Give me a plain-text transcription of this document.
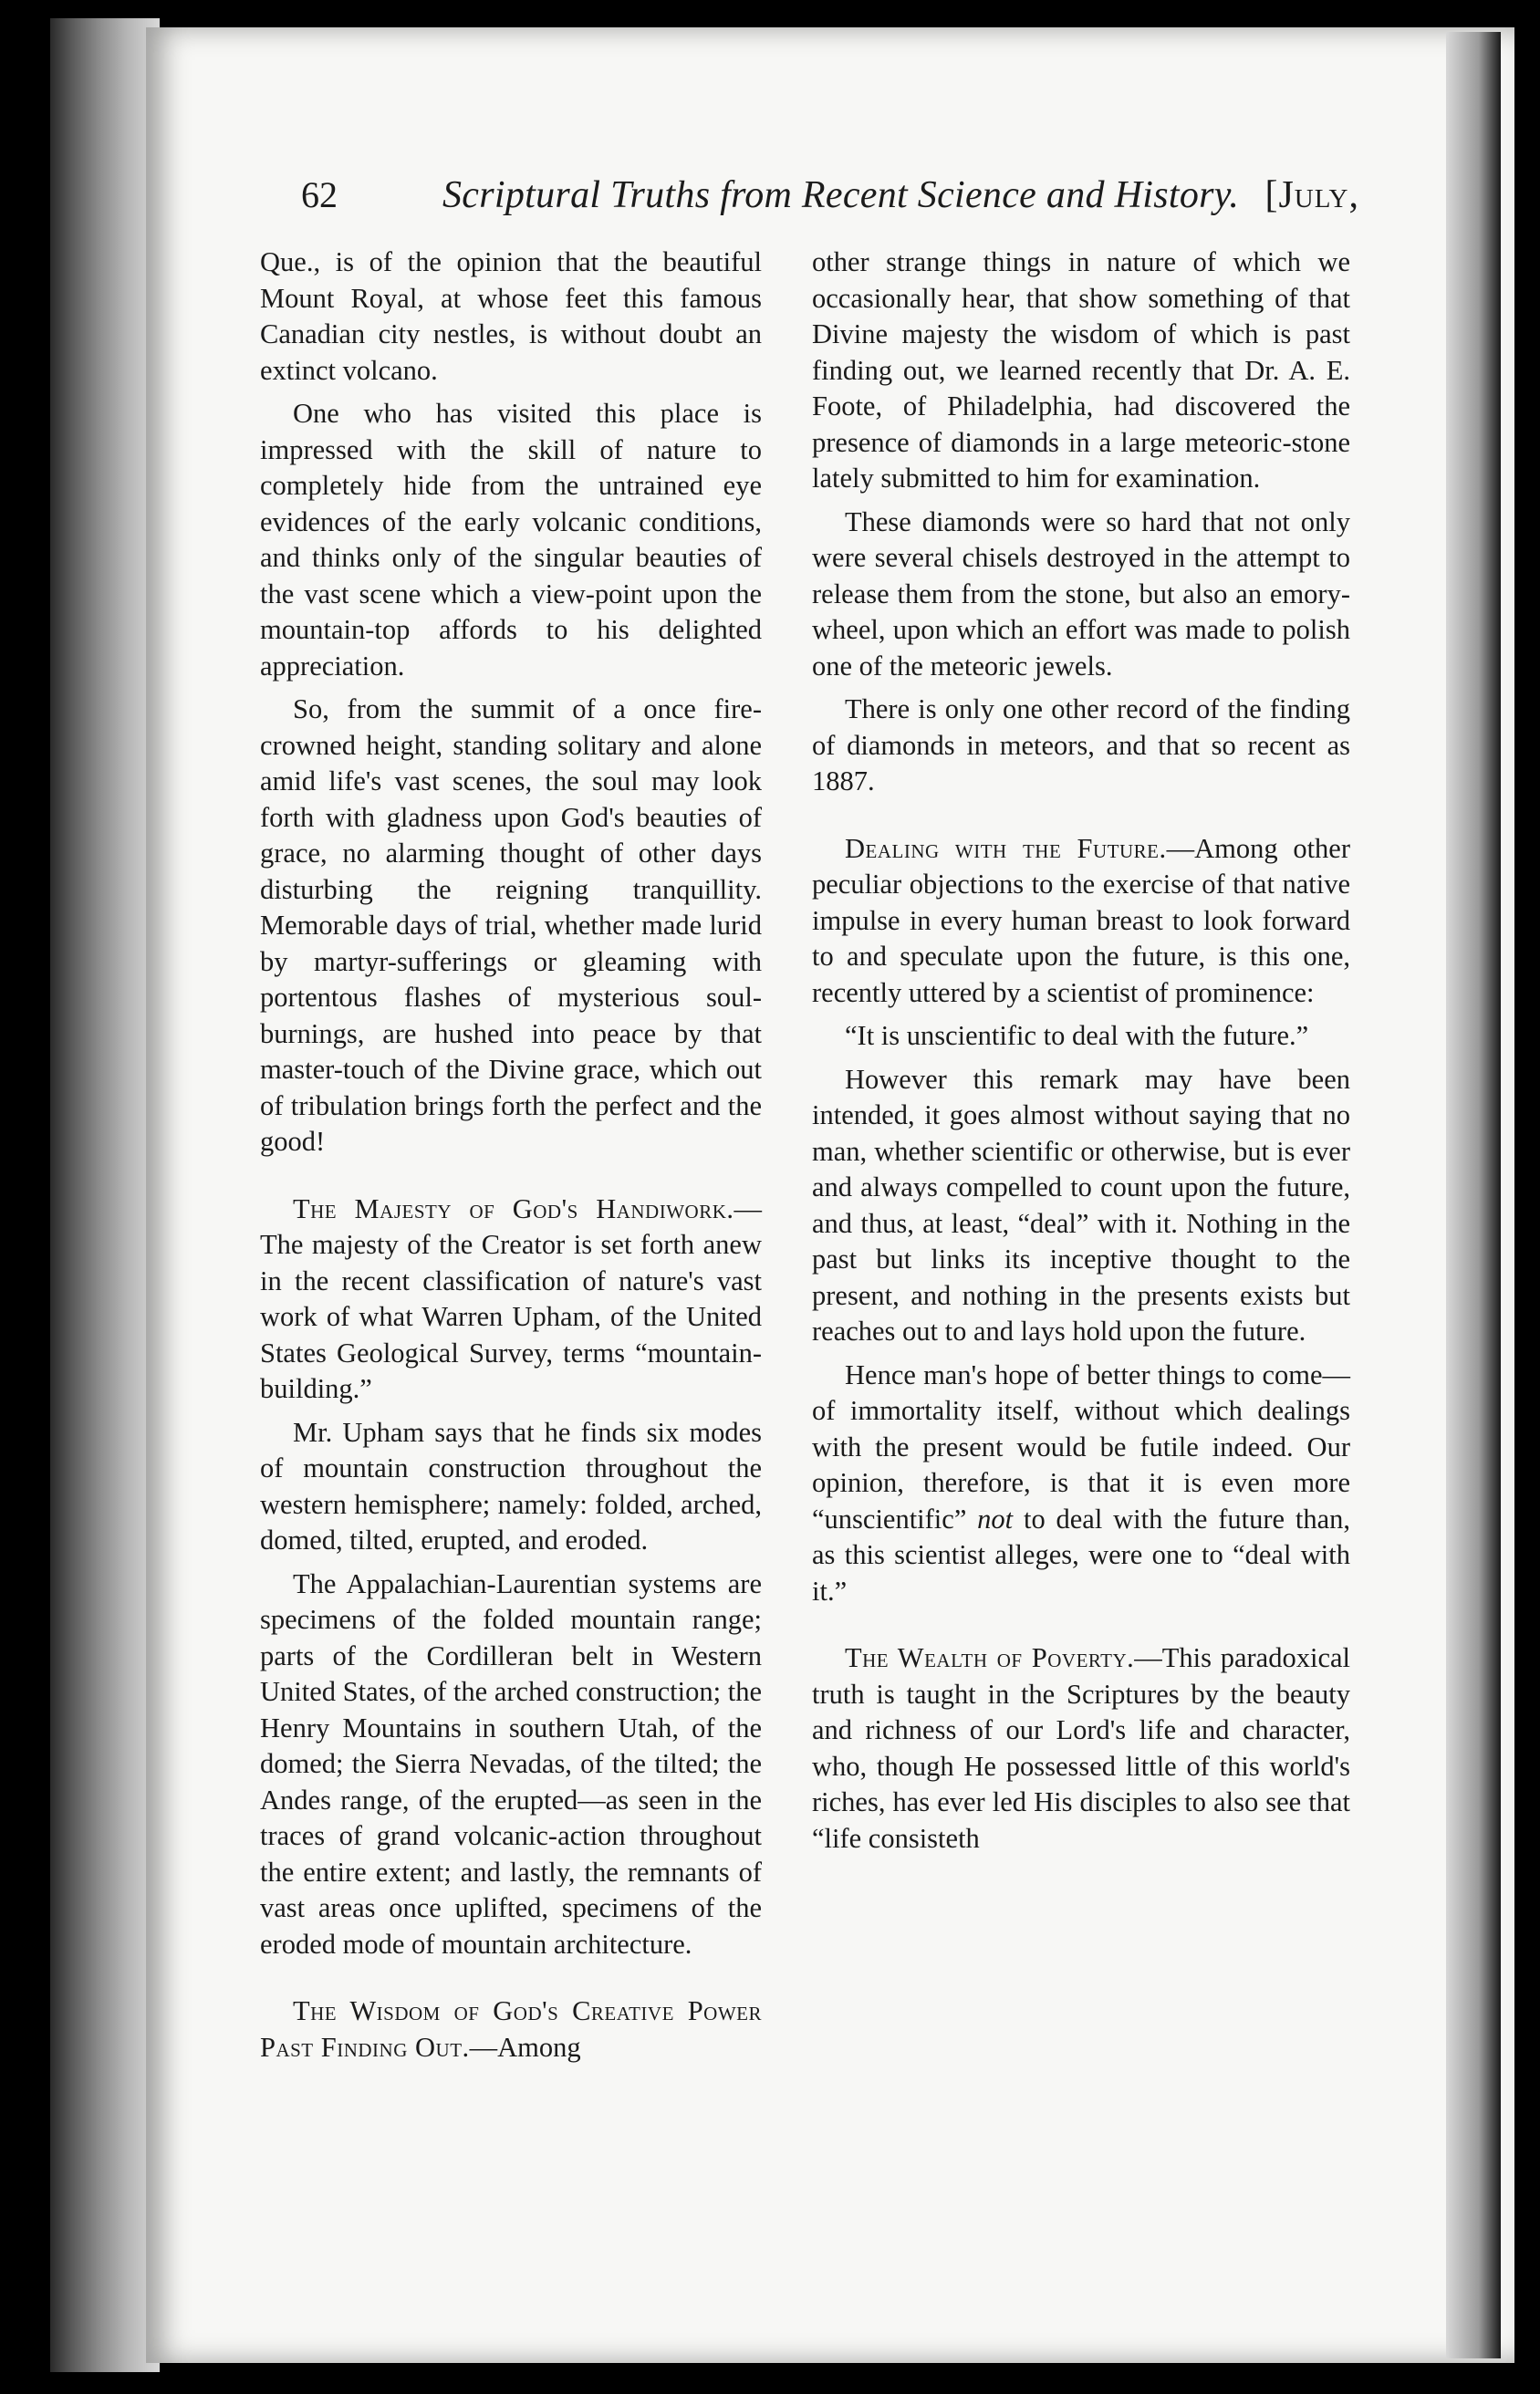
62	Scriptural Truths from Recent Science and History. [July,

Que., is of the opinion that the beautiful Mount Royal, at whose feet this famous Canadian city nestles, is without doubt an extinct volcano.

One who has visited this place is impressed with the skill of nature to completely hide from the untrained eye evidences of the early volcanic conditions, and thinks only of the singular beauties of the vast scene which a view-point upon the mountain-top affords to his delighted appreciation.

So, from the summit of a once fire-crowned height, standing solitary and alone amid life's vast scenes, the soul may look forth with gladness upon God's beauties of grace, no alarming thought of other days disturbing the reigning tranquillity. Memorable days of trial, whether made lurid by martyr-sufferings or gleaming with portentous flashes of mysterious soul-burnings, are hushed into peace by that master-touch of the Divine grace, which out of tribulation brings forth the perfect and the good!

The Majesty of God's Handiwork.—The majesty of the Creator is set forth anew in the recent classification of nature's vast work of what Warren Upham, of the United States Geological Survey, terms “mountain-building.”

Mr. Upham says that he finds six modes of mountain construction throughout the western hemisphere; namely: folded, arched, domed, tilted, erupted, and eroded.

The Appalachian-Laurentian systems are specimens of the folded mountain range; parts of the Cordilleran belt in Western United States, of the arched construction; the Henry Mountains in southern Utah, of the domed; the Sierra Nevadas, of the tilted; the Andes range, of the erupted—as seen in the traces of grand volcanic-action throughout the entire extent; and lastly, the remnants of vast areas once uplifted, specimens of the eroded mode of mountain architecture.

The Wisdom of God's Creative Power Past Finding Out.—Among

other strange things in nature of which we occasionally hear, that show something of that Divine majesty the wisdom of which is past finding out, we learned recently that Dr. A. E. Foote, of Philadelphia, had discovered the presence of diamonds in a large meteoric-stone lately submitted to him for examination.

These diamonds were so hard that not only were several chisels destroyed in the attempt to release them from the stone, but also an emory-wheel, upon which an effort was made to polish one of the meteoric jewels.

There is only one other record of the finding of diamonds in meteors, and that so recent as 1887.

Dealing with the Future.—Among other peculiar objections to the exercise of that native impulse in every human breast to look forward to and speculate upon the future, is this one, recently uttered by a scientist of prominence:

“It is unscientific to deal with the future.”

However this remark may have been intended, it goes almost without saying that no man, whether scientific or otherwise, but is ever and always compelled to count upon the future, and thus, at least, “deal” with it. Nothing in the past but links its inceptive thought to the present, and nothing in the presents exists but reaches out to and lays hold upon the future.

Hence man's hope of better things to come—of immortality itself, without which dealings with the present would be futile indeed. Our opinion, therefore, is that it is even more “unscientific” not to deal with the future than, as this scientist alleges, were one to “deal with it.”

The Wealth of Poverty.—This paradoxical truth is taught in the Scriptures by the beauty and richness of our Lord's life and character, who, though He possessed little of this world's riches, has ever led His disciples to also see that “life consisteth
